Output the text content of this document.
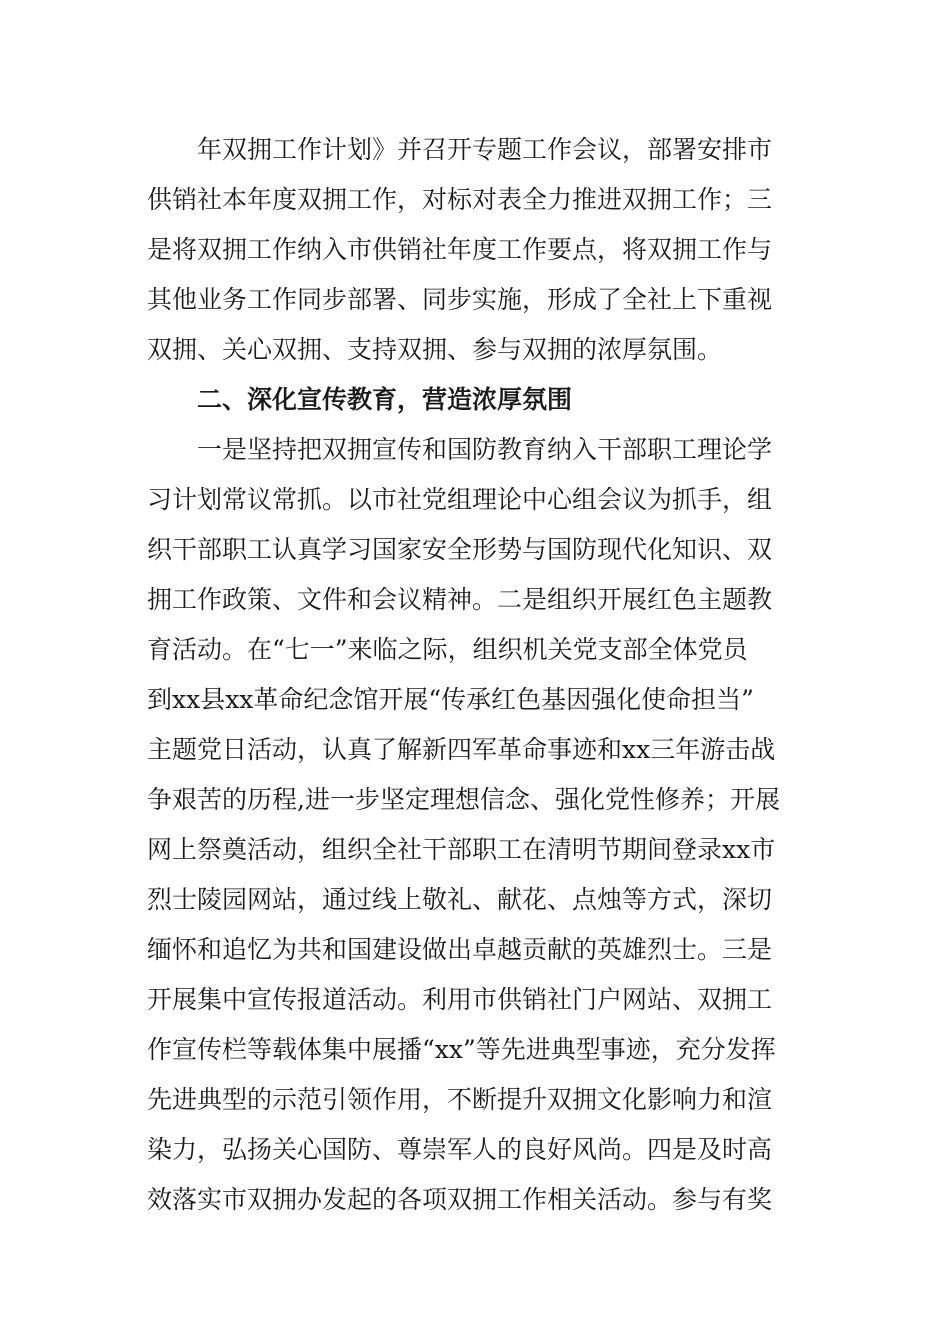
　　年双拥工作计划》并召开专题工作会议，部署安排市
供销社本年度双拥工作，对标对表全力推进双拥工作；三
是将双拥工作纳入市供销社年度工作要点，将双拥工作与
其他业务工作同步部署、同步实施，形成了全社上下重视
双拥、关心双拥、支持双拥、参与双拥的浓厚氛围。
　　二、深化宣传教育，营造浓厚氛围
　　一是坚持把双拥宣传和国防教育纳入干部职工理论学
习计划常议常抓。以市社党组理论中心组会议为抓手，组
织干部职工认真学习国家安全形势与国防现代化知识、双
拥工作政策、文件和会议精神。二是组织开展红色主题教
育活动。在“七一”来临之际，组织机关党支部全体党员
到xx县xx革命纪念馆开展“传承红色基因强化使命担当”
主题党日活动，认真了解新四军革命事迹和xx三年游击战
争艰苦的历程,进一步坚定理想信念、强化党性修养；开展
网上祭奠活动，组织全社干部职工在清明节期间登录xx市
烈士陵园网站，通过线上敬礼、献花、点烛等方式，深切
缅怀和追忆为共和国建设做出卓越贡献的英雄烈士。三是
开展集中宣传报道活动。利用市供销社门户网站、双拥工
作宣传栏等载体集中展播“xx”等先进典型事迹，充分发挥
先进典型的示范引领作用，不断提升双拥文化影响力和渲
染力，弘扬关心国防、尊崇军人的良好风尚。四是及时高
效落实市双拥办发起的各项双拥工作相关活动。参与有奖
